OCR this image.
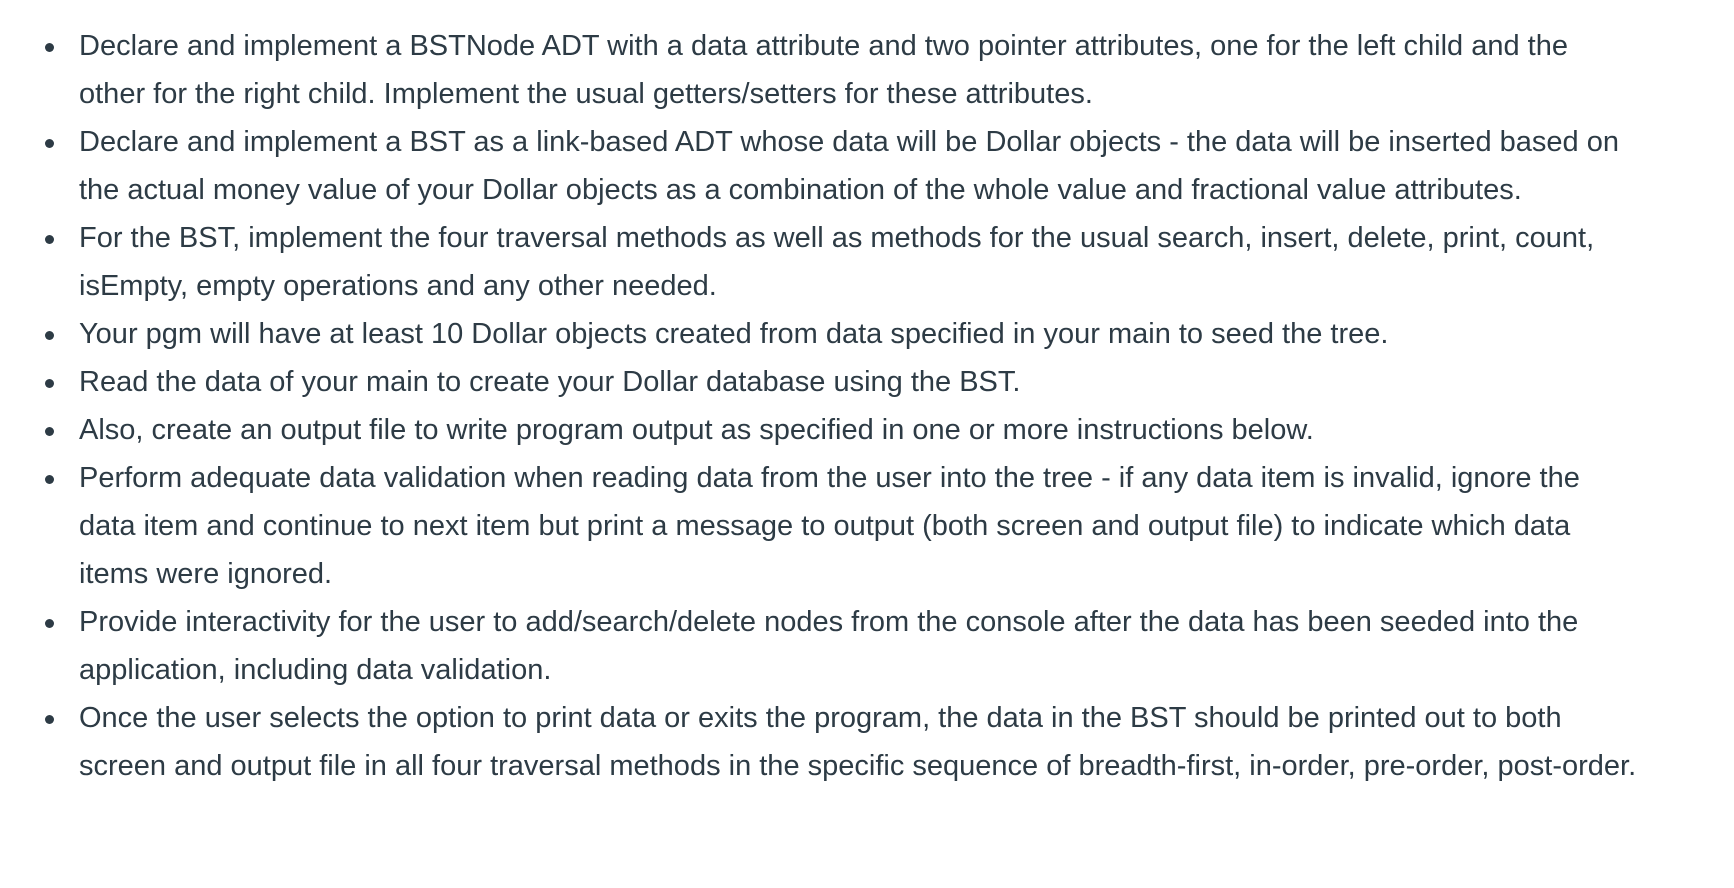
Declare and implement a BSTNode ADT with a data attribute and two pointer attributes, one for the left child and the other for the right child. Implement the usual getters/setters for these attributes.
Declare and implement a BST as a link-based ADT whose data will be Dollar objects - the data will be inserted based on the actual money value of your Dollar objects as a combination of the whole value and fractional value attributes.
For the BST, implement the four traversal methods as well as methods for the usual search, insert, delete, print, count, isEmpty, empty operations and any other needed.
Your pgm will have at least 10 Dollar objects created from data specified in your main to seed the tree.
Read the data of your main to create your Dollar database using the BST.
Also, create an output file to write program output as specified in one or more instructions below.
Perform adequate data validation when reading data from the user into the tree - if any data item is invalid, ignore the data item and continue to next item but print a message to output (both screen and output file) to indicate which data items were ignored.
Provide interactivity for the user to add/search/delete nodes from the console after the data has been seeded into the application, including data validation.
Once the user selects the option to print data or exits the program, the data in the BST should be printed out to both screen and output file in all four traversal methods in the specific sequence of breadth-first, in-order, pre-order, post-order.
